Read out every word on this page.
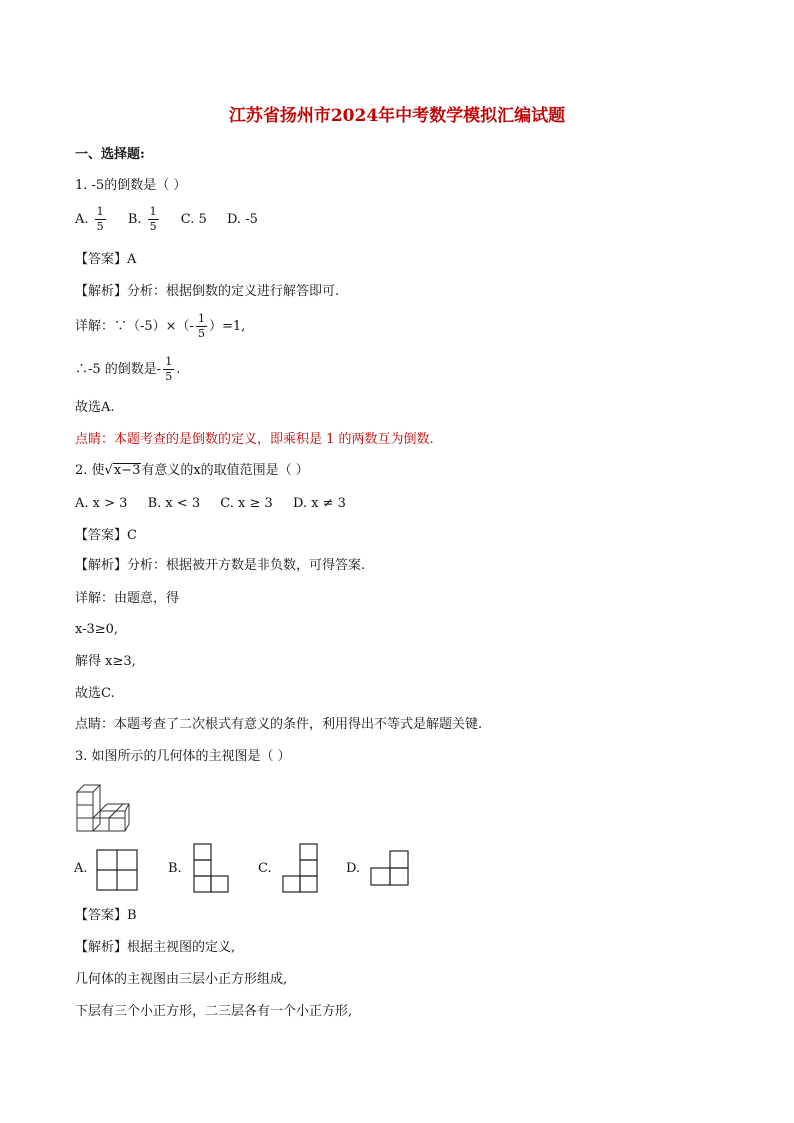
江苏省扬州市2024年中考数学模拟汇编试题
一、选择题:
1. -5的倒数是（ ）
A. $\frac{1}{5} B$. $\frac{1}{5} C$. 5 D. -5
【答案】A
【解析】分析：根据倒数的定义进行解答即可.
详解：∵（-5）×（- $\frac{1}{5} )=1$,
∴-5 的倒数是- $\frac{1}{5}$ .
故选A.
点睛：本题考查的是倒数的定义，即乘积是 1 的两数互为倒数.
2. 使√x−3有意义的x的取值范围是（ ）
A. x > 3 B. x < 3 C. x ≥ 3 D. x ≠ 3
【答案】C
【解析】分析：根据被开方数是非负数，可得答案.
详解：由题意，得
x-3≥0,
解得 x≥3,
故选C.
点睛：本题考查了二次根式有意义的条件，利用得出不等式是解题关键.
3. 如图所示的几何体的主视图是（ ）
A.	B.	C.	D.
【答案】B
【解析】根据主视图的定义,
几何体的主视图由三层小正方形组成,
下层有三个小正方形，二三层各有一个小正方形,
